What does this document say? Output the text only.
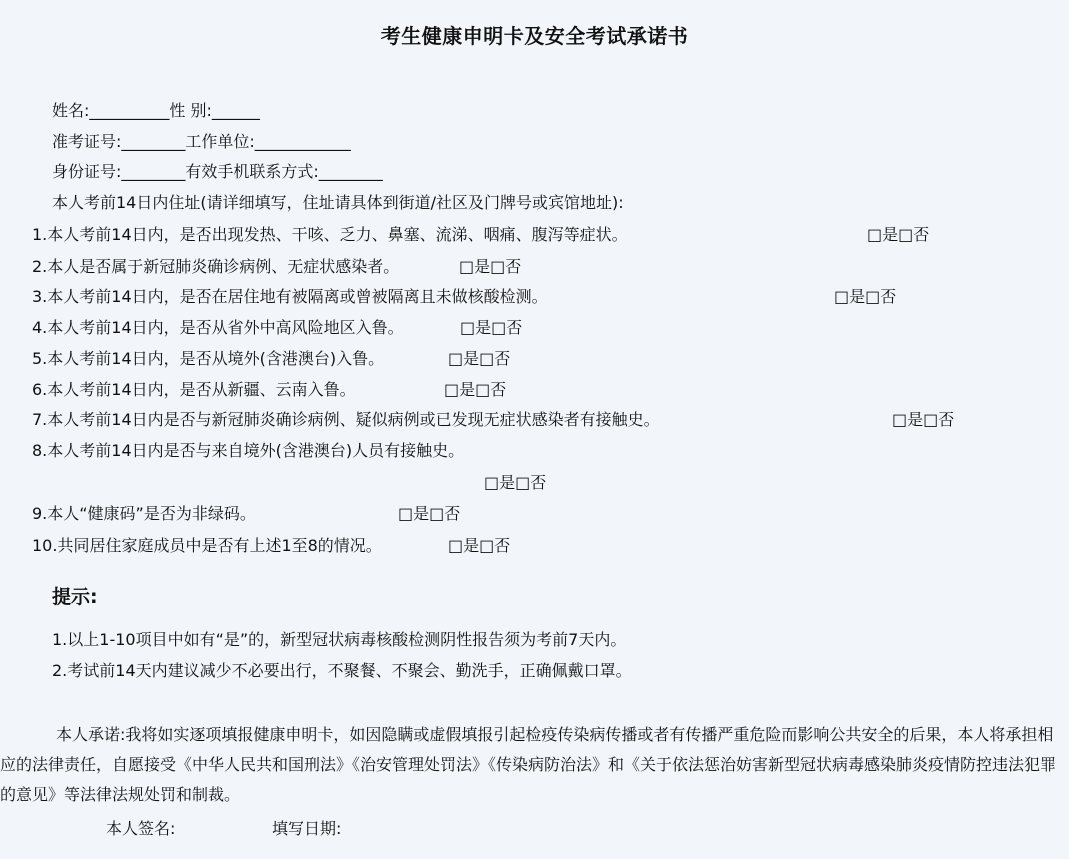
考生健康申明卡及安全考试承诺书
姓名:__________性 别:______
准考证号:________工作单位:____________
身份证号:________有效手机联系方式:________
本人考前14日内住址(请详细填写，住址请具体到街道/社区及门牌号或宾馆地址):
1.本人考前14日内，是否出现发热、干咳、乏力、鼻塞、流涕、咽痛、腹泻等症状。	□是□否
2.本人是否属于新冠肺炎确诊病例、无症状感染者。	□是□否
3.本人考前14日内，是否在居住地有被隔离或曾被隔离且未做核酸检测。	□是□否
4.本人考前14日内，是否从省外中高风险地区入鲁。	□是□否
5.本人考前14日内，是否从境外(含港澳台)入鲁。	□是□否
6.本人考前14日内，是否从新疆、云南入鲁。	□是□否
7.本人考前14日内是否与新冠肺炎确诊病例、疑似病例或已发现无症状感染者有接触史。	□是□否
8.本人考前14日内是否与来自境外(含港澳台)人员有接触史。
□是□否
9.本人“健康码”是否为非绿码。	□是□否
10.共同居住家庭成员中是否有上述1至8的情况。	□是□否
提示:
1.以上1-10项目中如有“是”的，新型冠状病毒核酸检测阴性报告须为考前7天内。
2.考试前14天内建议减少不必要出行，不聚餐、不聚会、勤洗手，正确佩戴口罩。
本人承诺:我将如实逐项填报健康申明卡，如因隐瞒或虚假填报引起检疫传染病传播或者有传播严重危险而影响公共安全的后果，本人将承担相应的法律责任，自愿接受《中华人民共和国刑法》《治安管理处罚法》《传染病防治法》和《关于依法惩治妨害新型冠状病毒感染肺炎疫情防控违法犯罪的意见》等法律法规处罚和制裁。
本人签名:	填写日期:
